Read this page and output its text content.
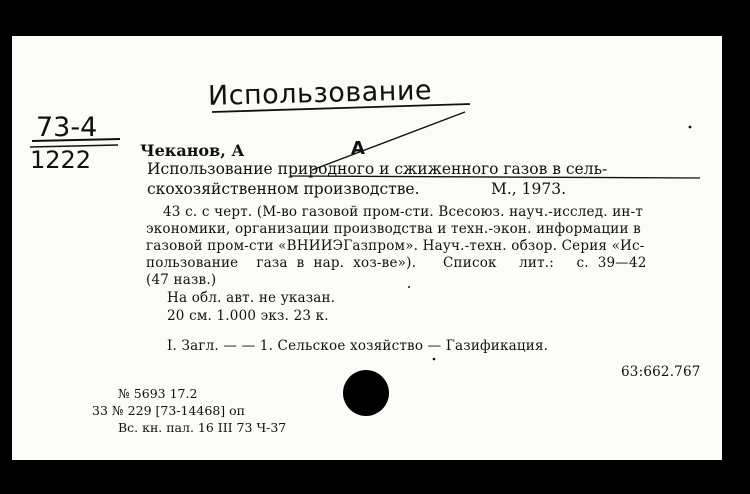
Использование
73-4
1222	А
Чеканов, А
Использование природного и сжиженного газов в сель-
скохозяйственном производстве.	М., 1973.
43 с. с черт. (М-во газовой пром-сти. Всесоюз. науч.-исслед. ин-т
экономики, организации производства и техн.-экон. информации в
газовой пром-сти «ВНИИЭГазпром». Науч.-техн. обзор. Серия «Ис-
пользование    газа  в  нар.  хоз-ве»).      Список     лит.:     с.  39—42
(47 назв.)
На обл. авт. не указан.
20 см. 1.000 экз. 23 к.
I. Загл. — — 1. Сельское хозяйство — Газификация.
63:662.767
№ 5693 17.2
33 № 229 [73-14468] оп
Вс. кн. пал. 16 III 73 Ч-37
